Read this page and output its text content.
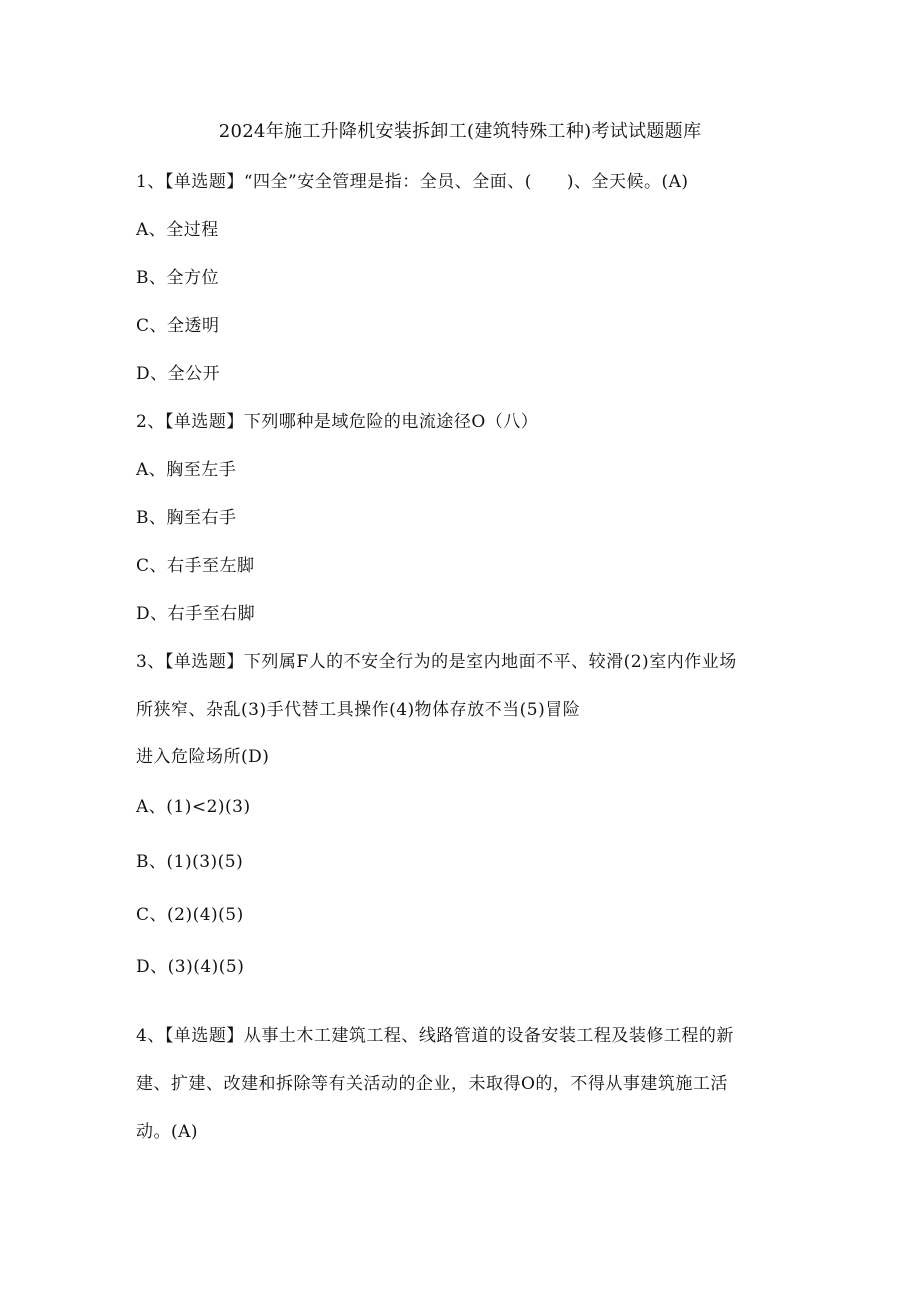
2024年施工升降机安装拆卸工(建筑特殊工种)考试试题题库
1、【单选题】“四全”安全管理是指：全员、全面、(　　)、全天候。(A)
A、全过程
B、全方位
C、全透明
D、全公开
2、【单选题】下列哪种是域危险的电流途径O（八）
A、胸至左手
B、胸至右手
C、右手至左脚
D、右手至右脚
3、【单选题】下列属F人的不安全行为的是室内地面不平、较滑(2)室内作业场
所狭窄、杂乱(3)手代替工具操作(4)物体存放不当(5)冒险
进入危险场所(D)
A、(1)<2)(3)
B、(1)(3)(5)
C、(2)(4)(5)
D、(3)(4)(5)
4、【单选题】从事土木工建筑工程、线路管道的设备安装工程及装修工程的新
建、扩建、改建和拆除等有关活动的企业，未取得O的，不得从事建筑施工活
动。(A)
